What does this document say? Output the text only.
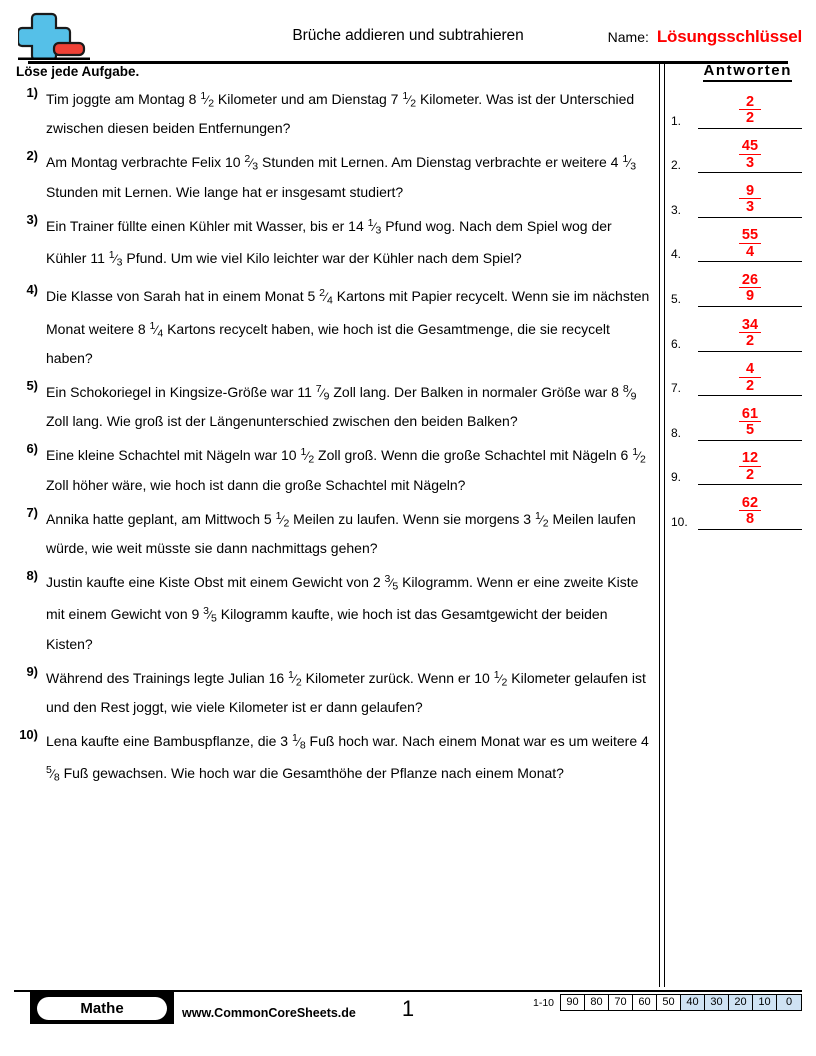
Brüche addieren und subtrahieren	Name: Lösungsschlüssel
Löse jede Aufgabe.	Antworten
1) Tim joggte am Montag 8 $^1$⁄2 Kilometer und am Dienstag 7 $^1$⁄2 Kilometer. Was ist der Unterschied zwischen diesen beiden Entfernungen?
2) Am Montag verbrachte Felix 10 $^2$⁄3 Stunden mit Lernen. Am Dienstag verbrachte er weitere 4 $^1$⁄3 Stunden mit Lernen. Wie lange hat er insgesamt studiert?
3) Ein Trainer füllte einen Kühler mit Wasser, bis er 14 $^1$⁄3 Pfund wog. Nach dem Spiel wog der Kühler 11 $^1$⁄3 Pfund. Um wie viel Kilo leichter war der Kühler nach dem Spiel?
4) Die Klasse von Sarah hat in einem Monat 5 $^2$⁄4 Kartons mit Papier recycelt. Wenn sie im nächsten Monat weitere 8 $^1$⁄4 Kartons recycelt haben, wie hoch ist die Gesamtmenge, die sie recycelt haben?
5) Ein Schokoriegel in Kingsize-Größe war 11 $^7$⁄9 Zoll lang. Der Balken in normaler Größe war 8 $^8$⁄9 Zoll lang. Wie groß ist der Längenunterschied zwischen den beiden Balken?
6) Eine kleine Schachtel mit Nägeln war 10 $^1$⁄2 Zoll groß. Wenn die große Schachtel mit Nägeln 6 $^1$⁄2 Zoll höher wäre, wie hoch ist dann die große Schachtel mit Nägeln?
7) Annika hatte geplant, am Mittwoch 5 $^1$⁄2 Meilen zu laufen. Wenn sie morgens 3 $^1$⁄2 Meilen laufen würde, wie weit müsste sie dann nachmittags gehen?
8) Justin kaufte eine Kiste Obst mit einem Gewicht von 2 $^3$⁄5 Kilogramm. Wenn er eine zweite Kiste mit einem Gewicht von 9 $^3$⁄5 Kilogramm kaufte, wie hoch ist das Gesamtgewicht der beiden Kisten?
9) Während des Trainings legte Julian 16 $^1$⁄2 Kilometer zurück. Wenn er 10 $^1$⁄2 Kilometer gelaufen ist und den Rest joggt, wie viele Kilometer ist er dann gelaufen?
10) Lena kaufte eine Bambuspflanze, die 3 $^1$⁄8 Fuß hoch war. Nach einem Monat war es um weitere 4 $^5$⁄8 Fuß gewachsen. Wie hoch war die Gesamthöhe der Pflanze nach einem Monat?
1. $\frac{2}{2}$
2. $\frac{45}{3}$
3. $\frac{9}{3}$
4. $\frac{55}{4}$
5. $\frac{26}{9}$
6. $\frac{34}{2}$
7. $\frac{4}{2}$
8. $\frac{61}{5}$
9. $\frac{12}{2}$
10. $\frac{62}{8}$
Mathe	www.CommonCoreSheets.de	1	1-10	90	80	70	60	50	40	30	20	10	0
